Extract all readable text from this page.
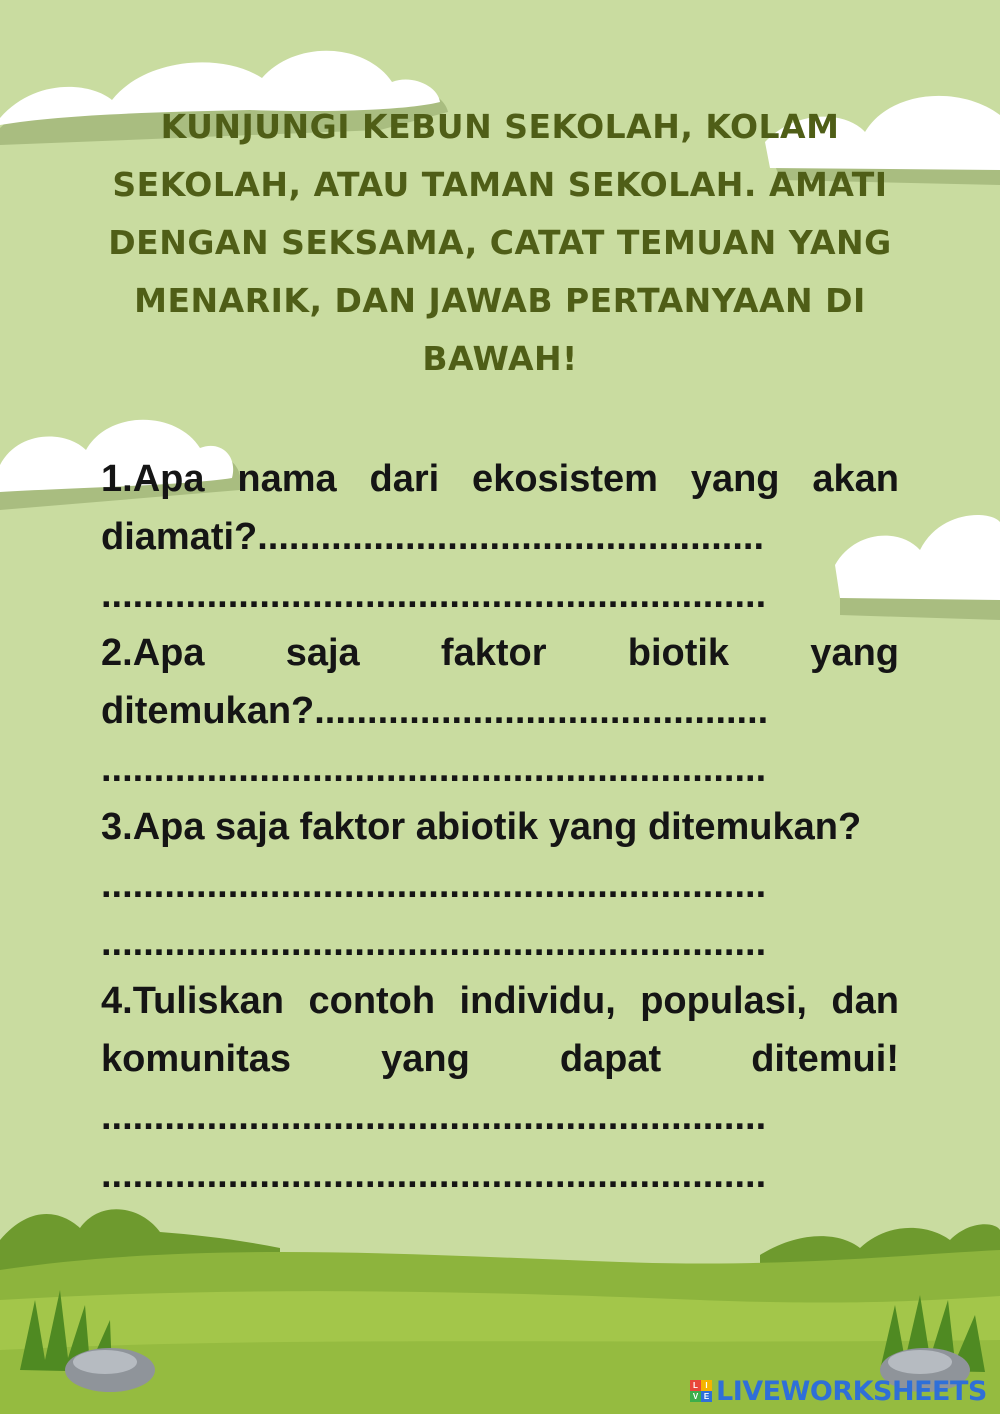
KUNJUNGI KEBUN SEKOLAH, KOLAM SEKOLAH, ATAU TAMAN SEKOLAH. AMATI DENGAN SEKSAMA, CATAT TEMUAN YANG MENARIK, DAN JAWAB PERTANYAAN DI BAWAH!
1.Apa nama dari ekosistem yang akan
diamati?................................................
...............................................................
2.Apa saja faktor biotik yang
ditemukan?...........................................
...............................................................
3.Apa saja faktor abiotik yang ditemukan?
...............................................................
...............................................................
4.Tuliskan contoh individu, populasi, dan
komunitas yang dapat ditemui!
...............................................................
...............................................................
L I
V E LIVEWORKSHEETS
